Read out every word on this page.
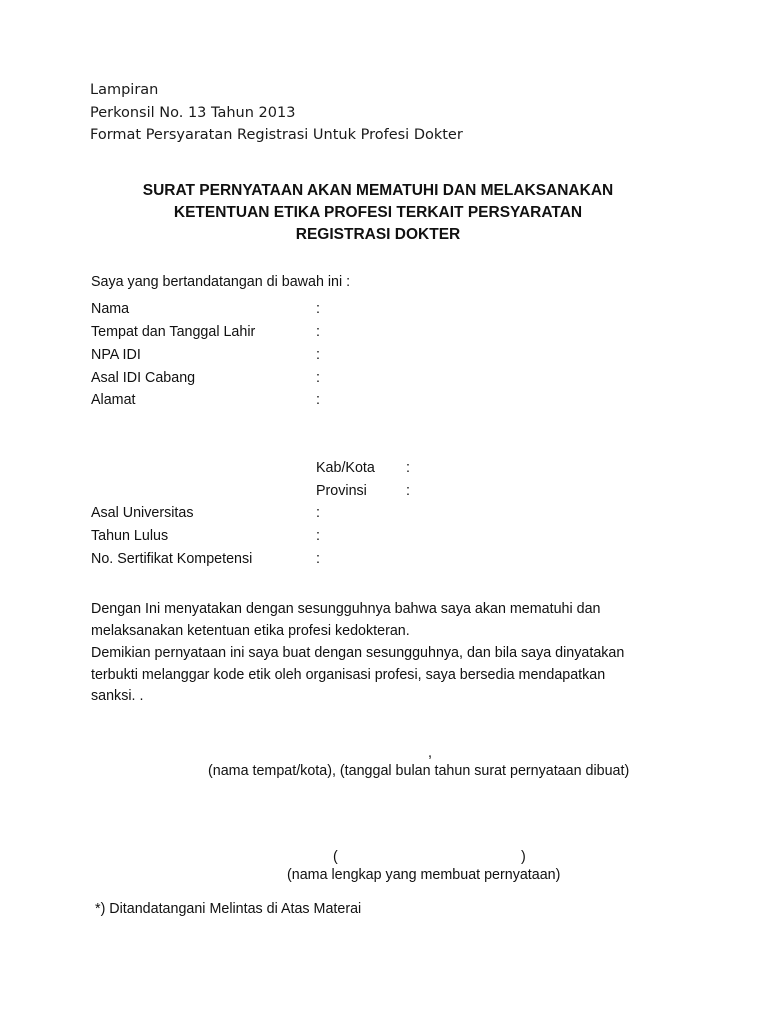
Lampiran
Perkonsil No. 13 Tahun 2013
Format Persyaratan Registrasi Untuk Profesi Dokter
SURAT PERNYATAAN AKAN MEMATUHI DAN MELAKSANAKAN
KETENTUAN ETIKA PROFESI TERKAIT PERSYARATAN
REGISTRASI DOKTER
Saya yang bertandatangan di bawah ini :
Nama	:
Tempat dan Tanggal Lahir	:
NPA IDI	:
Asal IDI Cabang	:
Alamat	:
Kab/Kota :
Provinsi	:
Asal Universitas	:
Tahun Lulus	:
No. Sertifikat Kompetensi	:
Dengan Ini menyatakan dengan sesungguhnya bahwa saya akan mematuhi dan
melaksanakan ketentuan etika profesi kedokteran.
Demikian pernyataan ini saya buat dengan sesungguhnya, dan bila saya dinyatakan
terbukti melanggar kode etik oleh organisasi profesi, saya bersedia mendapatkan
sanksi. .
,
(nama tempat/kota), (tanggal bulan tahun surat pernyataan dibuat)
(	)
(nama lengkap yang membuat pernyataan)
*) Ditandatangani Melintas di Atas Materai
